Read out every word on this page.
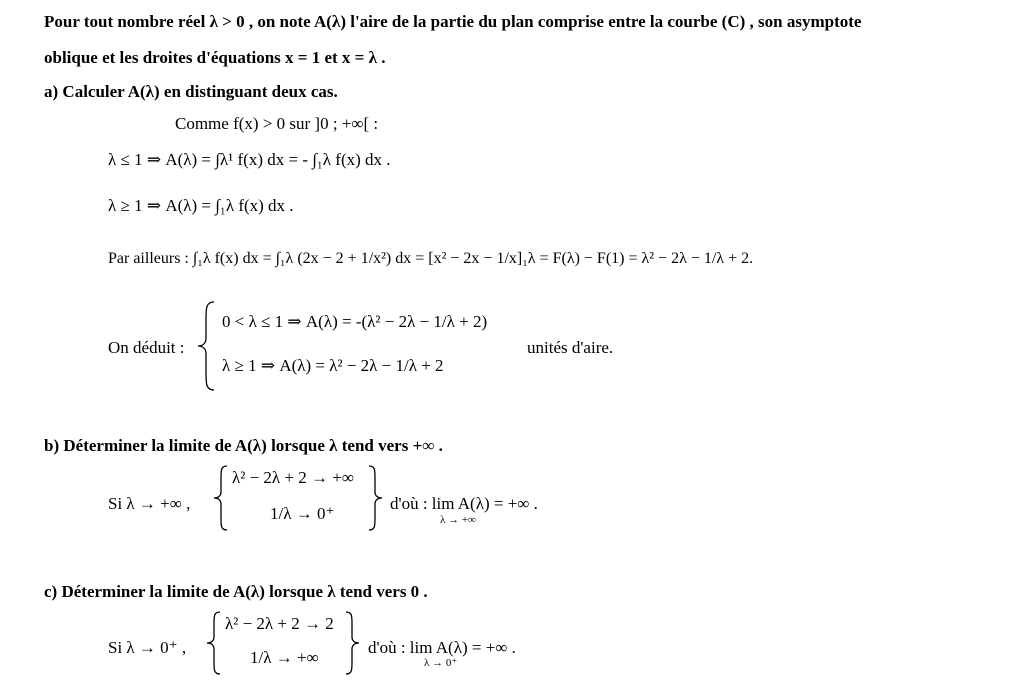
Pour tout nombre réel λ > 0 , on note A(λ) l'aire de la partie du plan comprise entre la courbe (C) , son asymptote
oblique et les droites d'équations x = 1 et x = λ .
a) Calculer A(λ) en distinguant deux cas.
Comme f(x) > 0 sur ]0 ; +∞[ :
λ ≤ 1 ⇒ A(λ) = ∫λ¹ f(x) dx = - ∫₁λ f(x) dx .
λ ≥ 1 ⇒ A(λ) = ∫₁λ f(x) dx .
Par ailleurs : ∫₁λ f(x) dx = ∫₁λ (2x − 2 + 1/x²) dx = [x² − 2x − 1/x]₁λ = F(λ) − F(1) = λ² − 2λ − 1/λ + 2.
On déduit :
0 < λ ≤ 1 ⇒ A(λ) = -(λ² − 2λ − 1/λ + 2)
λ ≥ 1 ⇒ A(λ) = λ² − 2λ − 1/λ + 2
unités d'aire.
b) Déterminer la limite de A(λ) lorsque λ tend vers +∞ .
Si λ → +∞ ,
λ² − 2λ + 2 → +∞
1/λ → 0⁺
d'où : lim A(λ) = +∞ .
λ → +∞
c) Déterminer la limite de A(λ) lorsque λ tend vers 0 .
Si λ → 0⁺ ,
λ² − 2λ + 2 → 2
1/λ → +∞
d'où : lim A(λ) = +∞ .
λ → 0⁺
